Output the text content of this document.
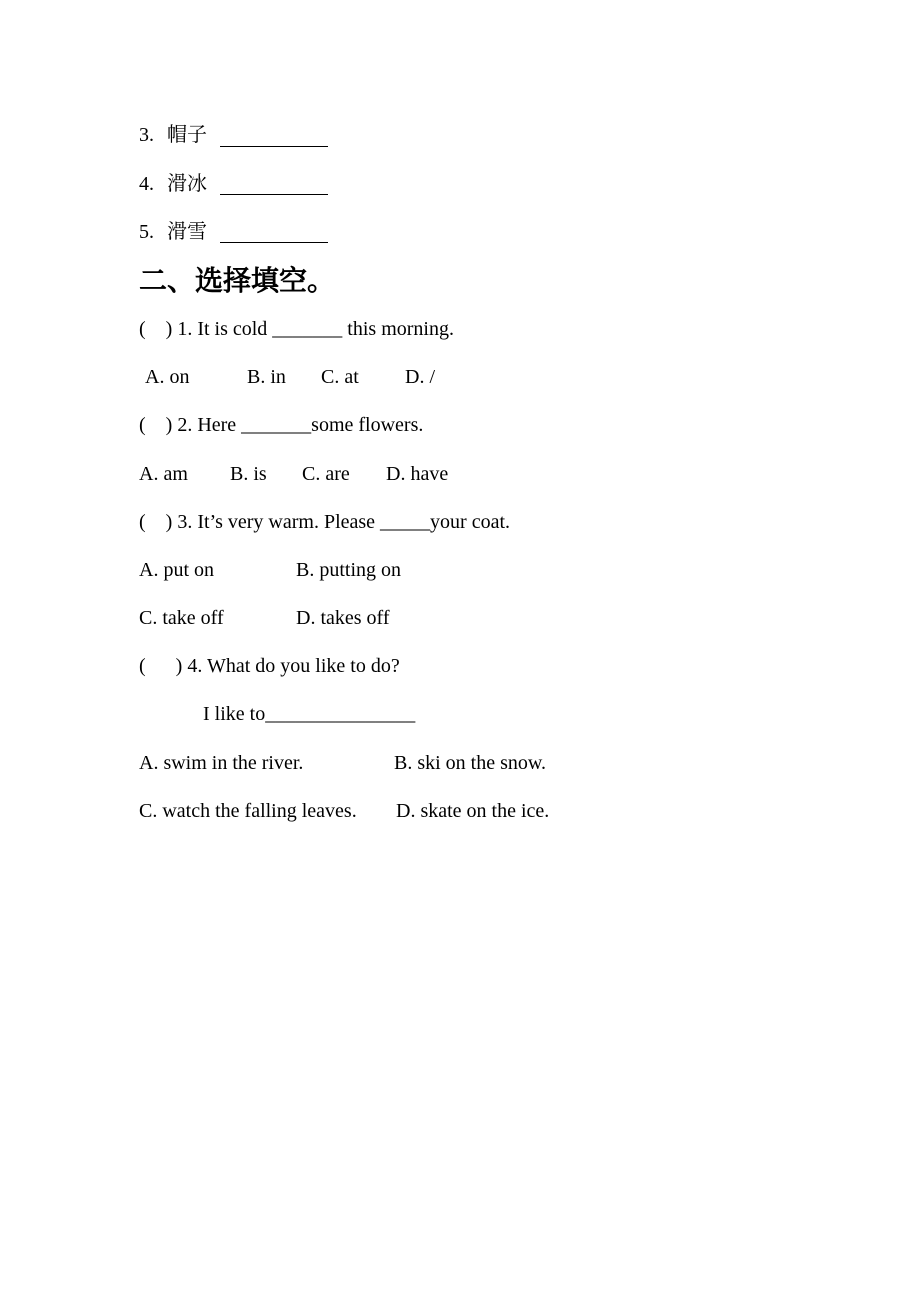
3. 帽子
4. 滑冰
5. 滑雪
二、选择填空。
(    ) 1. It is cold _______ this morning.
A. on	B. in C. at D. /
(    ) 2. Here _______some flowers.
A. am B. is C. are D. have
(    ) 3. It’s very warm. Please _____your coat.
A. put on	B. putting on
C. take off	D. takes off
(      ) 4. What do you like to do?
I like to_______________
A. swim in the river.	B. ski on the snow.
C. watch the falling leaves. D. skate on the ice.
